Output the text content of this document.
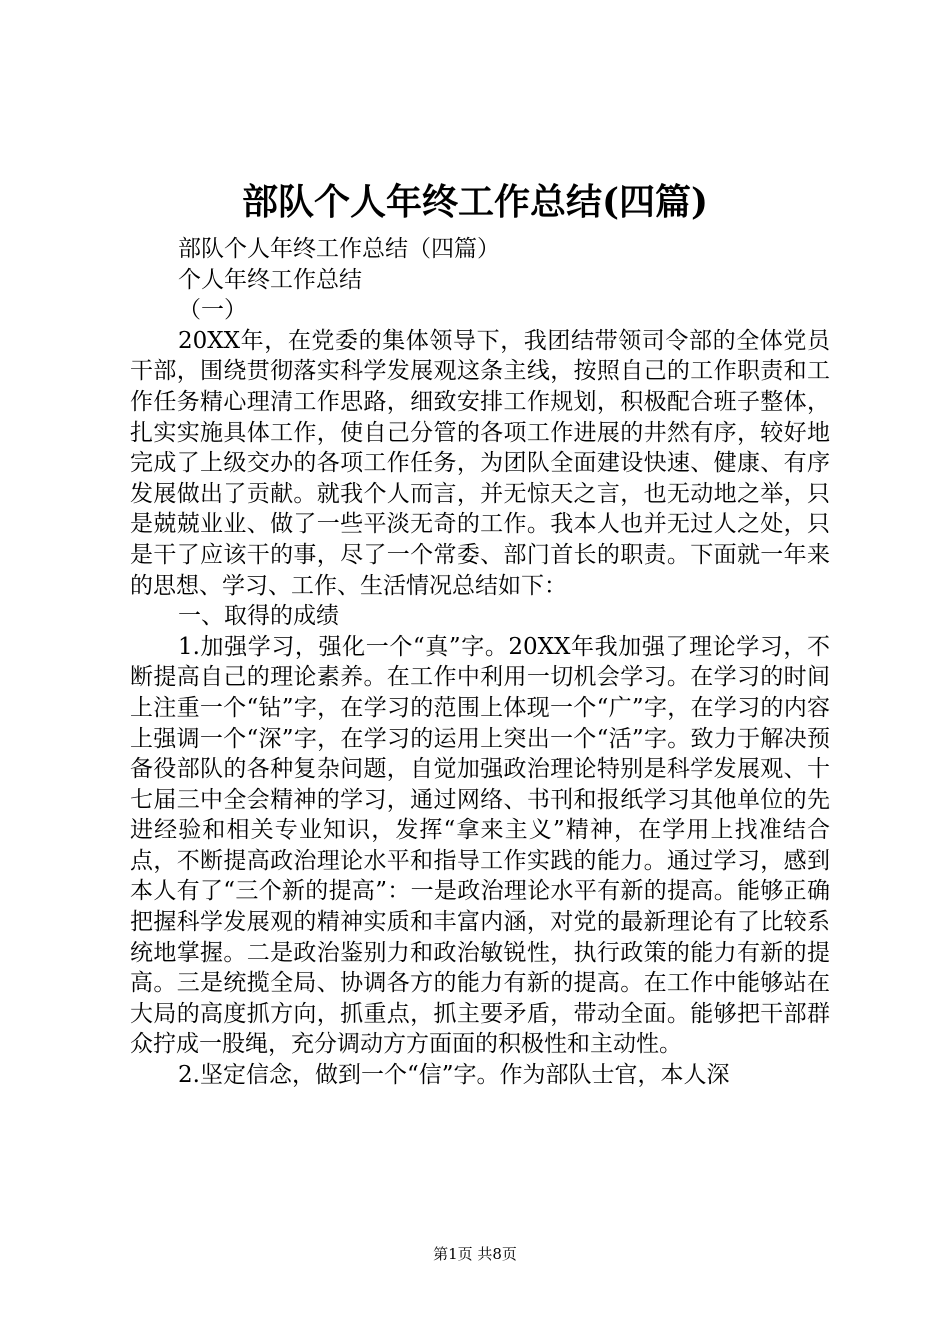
部队个人年终工作总结(四篇)

部队个人年终工作总结（四篇）

个人年终工作总结

（一）

20XX年，在党委的集体领导下，我团结带领司令部的全体党员干部，围绕贯彻落实科学发展观这条主线，按照自己的工作职责和工作任务精心理清工作思路，细致安排工作规划，积极配合班子整体，扎实实施具体工作，使自己分管的各项工作进展的井然有序，较好地完成了上级交办的各项工作任务，为团队全面建设快速、健康、有序发展做出了贡献。就我个人而言，并无惊天之言，也无动地之举，只是兢兢业业、做了一些平淡无奇的工作。我本人也并无过人之处，只是干了应该干的事，尽了一个常委、部门首长的职责。下面就一年来的思想、学习、工作、生活情况总结如下：

一、取得的成绩

1.加强学习，强化一个“真”字。20XX年我加强了理论学习，不断提高自己的理论素养。在工作中利用一切机会学习。在学习的时间上注重一个“钻”字，在学习的范围上体现一个“广”字，在学习的内容上强调一个“深”字，在学习的运用上突出一个“活”字。致力于解决预备役部队的各种复杂问题，自觉加强政治理论特别是科学发展观、十七届三中全会精神的学习，通过网络、书刊和报纸学习其他单位的先进经验和相关专业知识，发挥“拿来主义”精神，在学用上找准结合点，不断提高政治理论水平和指导工作实践的能力。通过学习，感到本人有了“三个新的提高”：一是政治理论水平有新的提高。能够正确把握科学发展观的精神实质和丰富内涵，对党的最新理论有了比较系统地掌握。二是政治鉴别力和政治敏锐性，执行政策的能力有新的提高。三是统揽全局、协调各方的能力有新的提高。在工作中能够站在大局的高度抓方向，抓重点，抓主要矛盾，带动全面。能够把干部群众拧成一股绳，充分调动方方面面的积极性和主动性。

2.坚定信念，做到一个“信”字。作为部队士官，本人深

第1页 共8页
